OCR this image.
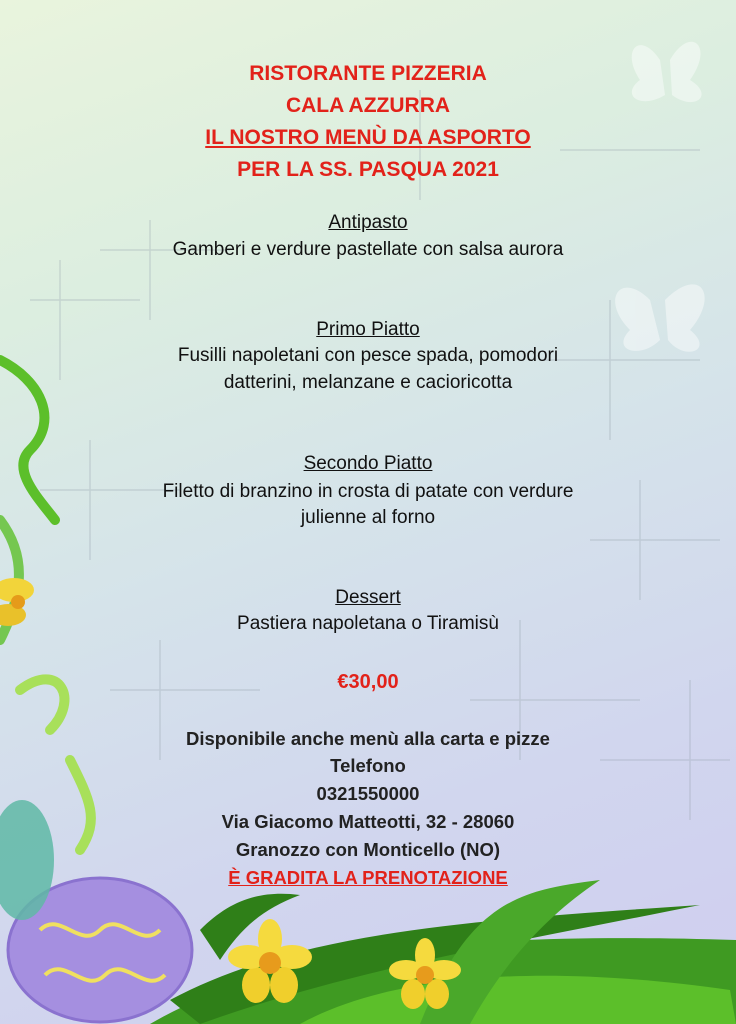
RISTORANTE PIZZERIA
CALA AZZURRA
IL NOSTRO MENÙ DA ASPORTO
PER LA SS. PASQUA 2021
Antipasto
Gamberi e verdure pastellate con salsa aurora
Primo Piatto
Fusilli napoletani con pesce spada, pomodori
datterini, melanzane e cacioricotta
Secondo Piatto
Filetto di branzino in crosta di patate con verdure
julienne al forno
Dessert
Pastiera napoletana o Tiramisù
€30,00
Disponibile anche menù alla carta e pizze
Telefono
0321550000
Via Giacomo Matteotti, 32 - 28060
Granozzo con Monticello (NO)
È GRADITA LA PRENOTAZIONE
